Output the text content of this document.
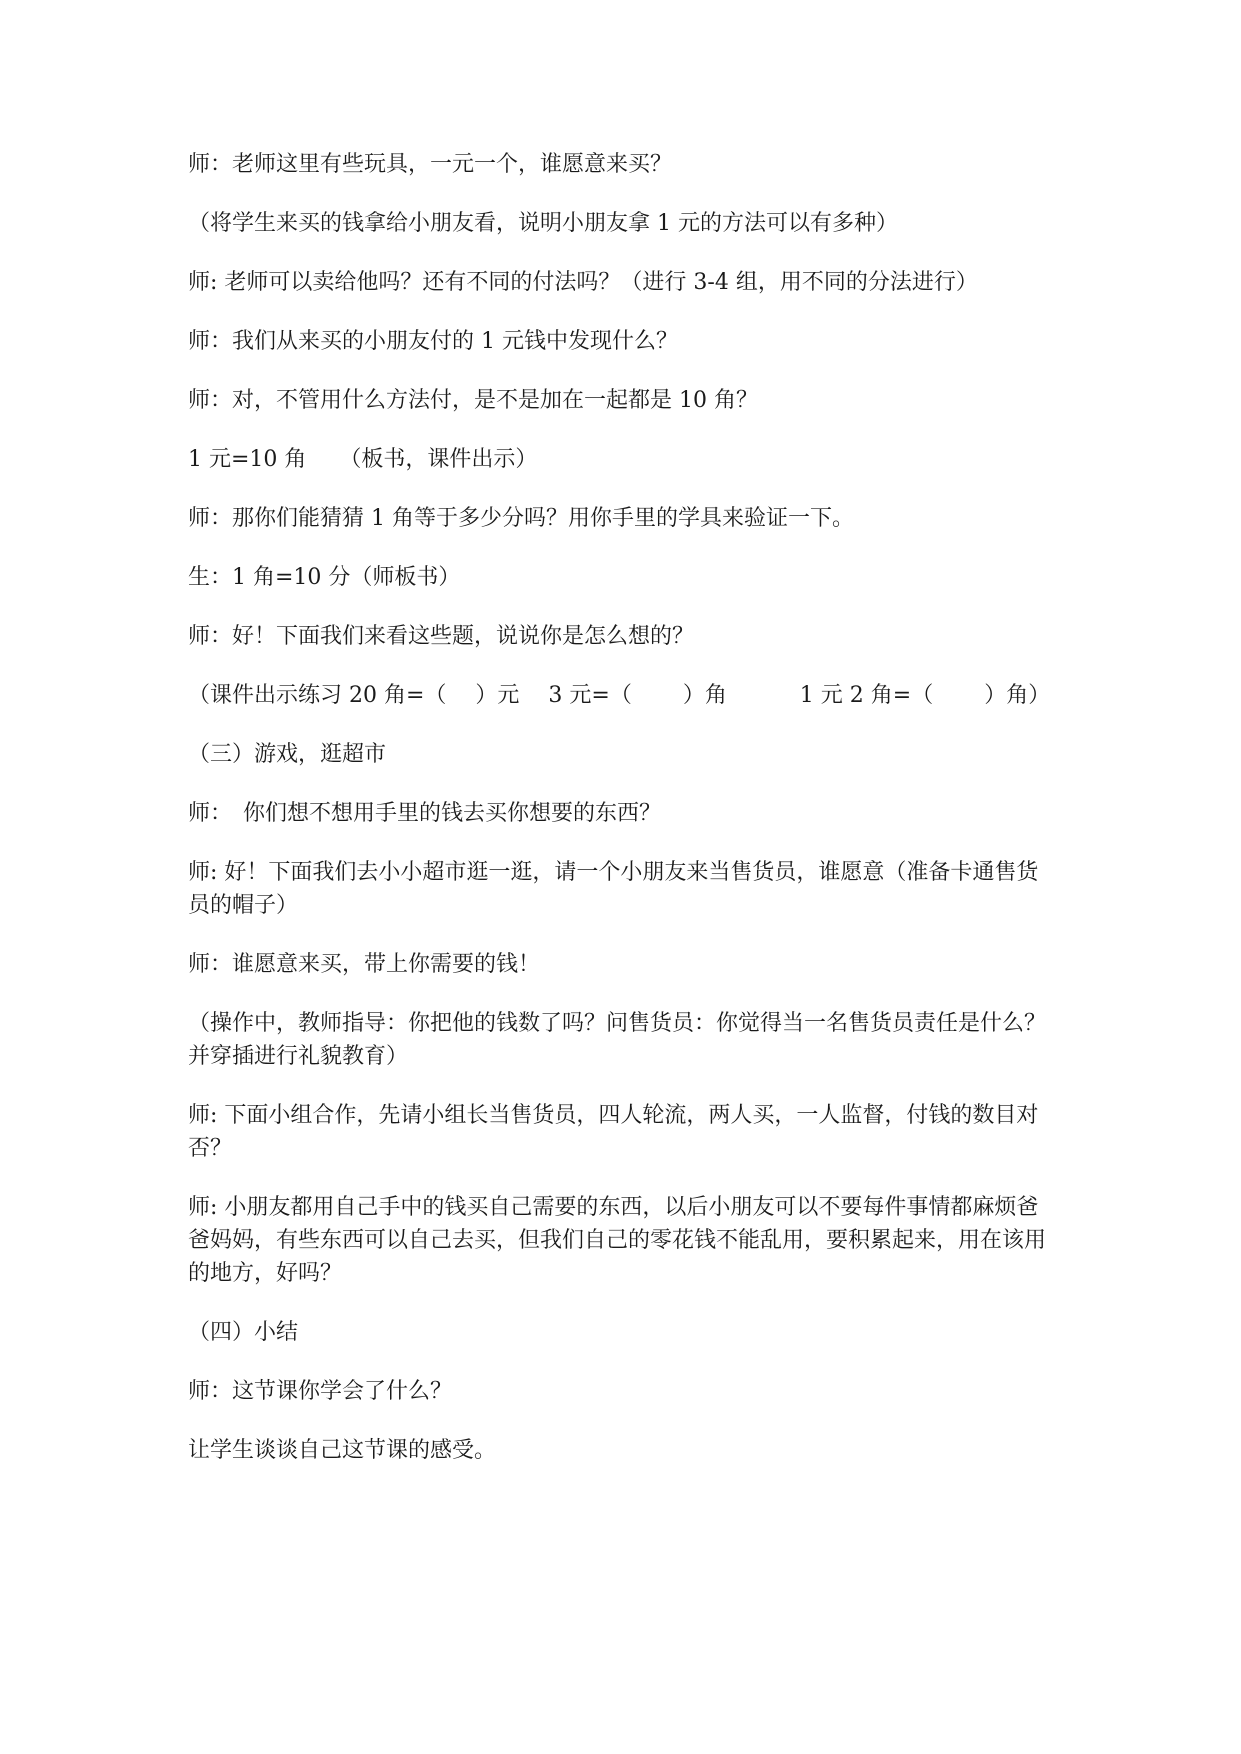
师：老师这里有些玩具，一元一个，谁愿意来买？

（将学生来买的钱拿给小朋友看，说明小朋友拿 1 元的方法可以有多种）

师: 老师可以卖给他吗？还有不同的付法吗？（进行 3-4 组，用不同的分法进行）

师：我们从来买的小朋友付的 1 元钱中发现什么？

师：对，不管用什么方法付，是不是加在一起都是 10 角？

1 元=10 角　　（板书，课件出示）

师：那你们能猜猜 1 角等于多少分吗？用你手里的学具来验证一下。

生：1 角=10 分（师板书）

师：好！下面我们来看这些题，说说你是怎么想的？

（课件出示练习 20 角=（　 ）元　 3 元=（　　 ）角　　　 1 元 2 角=（　　 ）角）

（三）游戏，逛超市

师：　你们想不想用手里的钱去买你想要的东西？

师: 好！下面我们去小小超市逛一逛，请一个小朋友来当售货员，谁愿意（准备卡通售货员的帽子）

师：谁愿意来买，带上你需要的钱！

（操作中，教师指导：你把他的钱数了吗？问售货员：你觉得当一名售货员责任是什么？并穿插进行礼貌教育）

师: 下面小组合作，先请小组长当售货员，四人轮流，两人买，一人监督，付钱的数目对否？

师: 小朋友都用自己手中的钱买自己需要的东西，以后小朋友可以不要每件事情都麻烦爸爸妈妈，有些东西可以自己去买，但我们自己的零花钱不能乱用，要积累起来，用在该用的地方，好吗？

（四）小结

师：这节课你学会了什么？

让学生谈谈自己这节课的感受。
